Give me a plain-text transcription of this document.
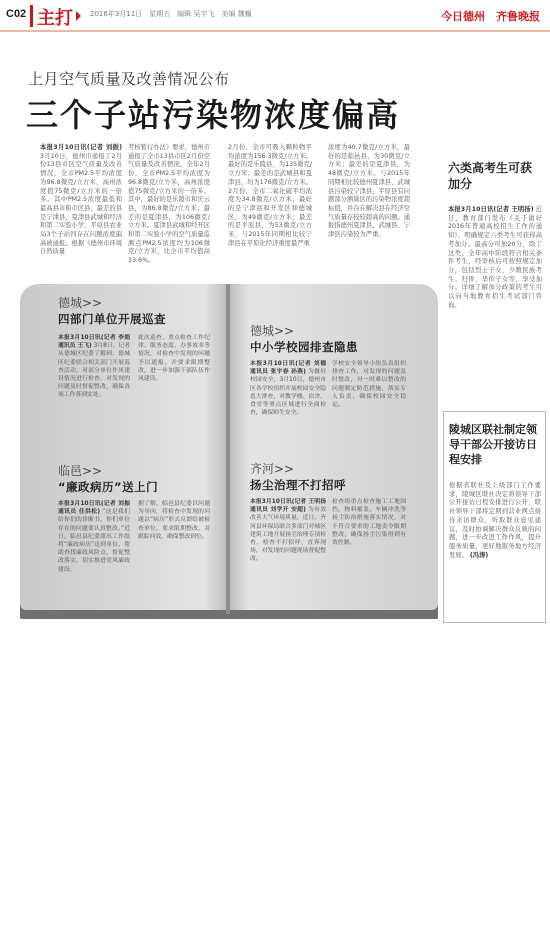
C02 主打 2016年3月11日　星期五　编辑 吴宇飞　美编 魏巍	今日德州　齐鲁晚报
上月空气质量及改善情况公布
三个子站污染物浓度偏高
本报3月10日讯(记者 刘振) 3月10日，德州市通报了2月份13县市区空气质量及改善情况，全市PM2.5平均浓度为96.8微克/立方米，高州浓度值75微克/立方米的一倍多。其中PM2.5浓度最低和最高县市和市区县，最差的县是宁津县，夏津县武城和经济和第二实验小学、平原县农业局3个子站四存在问题浓度偏高被通报。根据《德州市环境自然质量
考核暂行办法》要求，德州市通报了全市13县市区2月份空气质量及改善情况，全年2月份，全市PM2.5平均浓度为96.8微克/立方米，高州浓度值75微克/立方米的一倍多。其中，最好的是乐陵市和庆云县，为86.8微克/立方米；最差的是夏津县，为106微克/立方米。夏津县武城和经开区和第二实验小学的空气质量监测点PM2.5浓度均为106微克/立方米，比全市平均值高13.6%。
2月份，全市可吸入颗粒物平均浓度为156.3微克/立方米。最好的是乐陵县，为135微克/立方米；最差的是武城县和夏津县，均为176微克/立方米。2月份，全市二氧化硫平均浓度为34.8微克/立方米，最好的是宁津县和开发区和德城区，为49微克/立方米；最差的是平原县，为53微克/立方米，与2015年同期相比较宁津县在平原化经济重度最严重
浓度为40.7微克/立方米，最好的是临邑县，为30微克/立方米；最差的是夏津县，为48微克/立方米。与2015年同期相比较德州夏津县、武城县污染较宁津县，平原县有问题部分测算区的污染物浓度超标值，并存在解决县在经济空气质量存较较超高的问题。通报指德州夏津县、武城县、宁津县污染较为严重。
六类高考生可获加分
本报3月10日讯(记者 王明扬) 近日，教育部门发布《关于做好2016年普通高校招生工作的通知》，明确规定六类考生可获得高考加分。最高分可加20分，除了这类，全年高中阶段符合相关条件考生，经审核后可按照规定加分，包括烈士子女、少数民族考生、归侨、华侨子女等，享受加分。详细了解加分政策的考生可以向当地教育招生考试部门咨询。
陵城区联社制定领导干部公开接访日程安排
根据省联社及上级部门工作要求，陵城区联社决定将领导干部公开接访日程安排进行公开，联社领导干部将定期到营业网点接待来访群众，听取群众意见建议，及时协调解决群众反映的问题，进一步改进工作作风，提升服务质量，更好地服务地方经济发展。 (冯涛)
德城>>
四部门单位开展巡查
本报3月10日讯(记者 李娟 通讯员 王飞) 3月8日，记者从德城区纪委了解到，德城区纪委联合相关部门开展巡查活动，对部分单位作风建设情况进行检查，对发现的问题及时督促整改，确保各项工作落到实处。
此次巡查，重点检查工作纪律、服务态度、办事效率等情况，对检查中发现的问题予以通报，并要求限期整改，进一步加强干部队伍作风建设。
临邑>>
“廉政病历”送上门
本报3月10日讯(记者 刘振 通讯员 任洪松) “这是我们给你们的诊断书，你们单位存在的问题要认真整改。”近日，临邑县纪委派出工作组将“廉政病历”送到单位，帮助查找廉政风险点，督促整改落实，切实推进党风廉政建设。
据了解，临邑县纪委以问题为导向，将检查中发现的问题以“病历”形式反馈给被检查单位，要求限期整改，并跟踪问效，确保整改到位。
德城>>
中小学校园排查隐患
本报3月10日讯(记者 刘德 通讯员 张宇春 孙燕) 为做好校园安全，3月10日，德州市区各学校组织开展校园安全隐患大排查，对教学楼、宿舍、食堂等重点区域进行全面检查，确保师生安全。
学校安全领导小组负责组织排查工作，对发现的问题及时整改，对一时难以整改的问题制定防范措施，落实专人负责，确保校园安全稳定。
齐河>>
扬尘治理不打招呼
本报3月10日讯(记者 王明扬 通讯员 刘学开 安超) 为有效改善大气环境质量，近日，齐河县环保局联合多部门对城区建筑工地开展扬尘治理专项检查，检查不打招呼，直奔现场，对发现的问题现场督促整改。
检查组重点检查施工工地围挡、物料覆盖、车辆冲洗等扬尘防治措施落实情况，对不符合要求的工地责令限期整改，确保扬尘污染得到有效控制。
